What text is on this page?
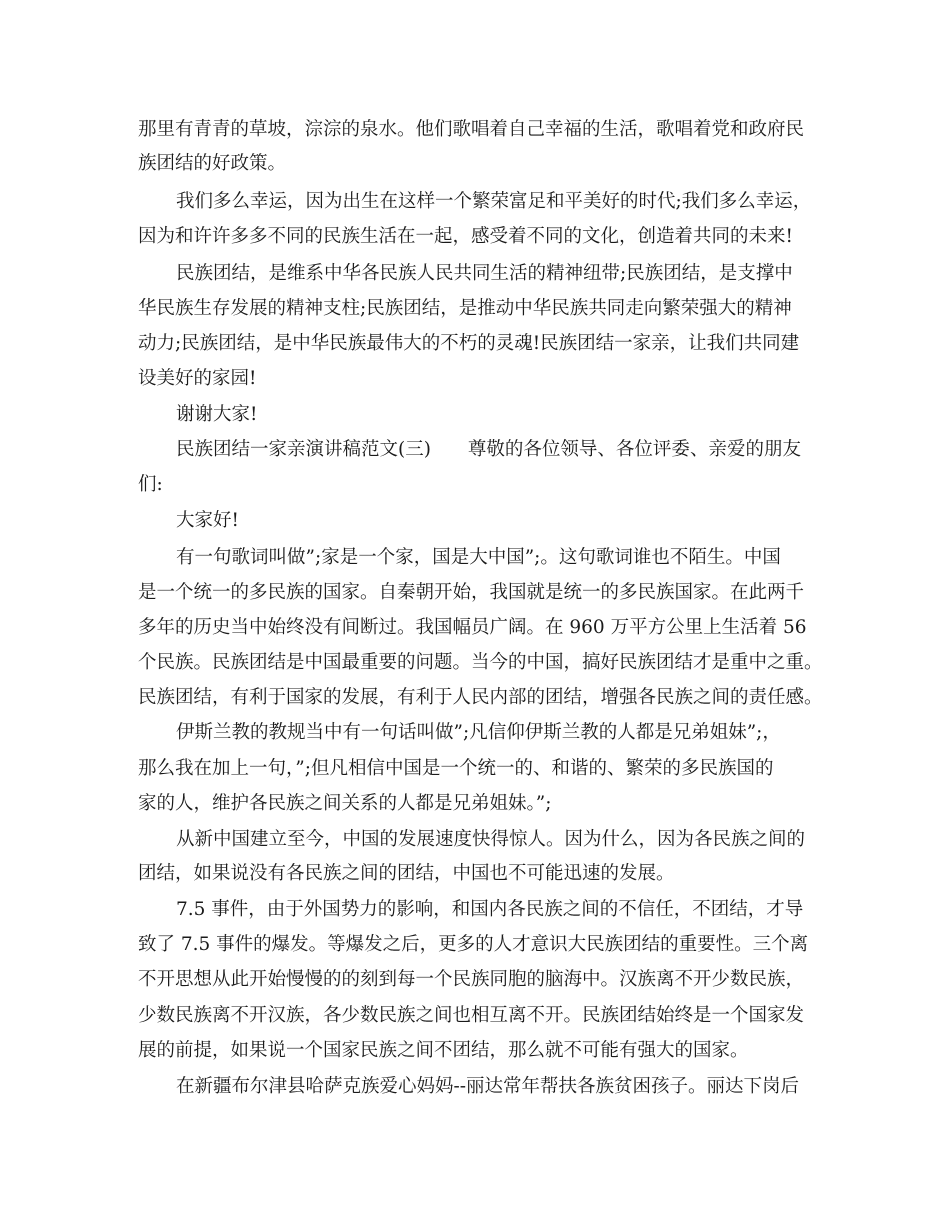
那里有青青的草坡，淙淙的泉水。他们歌唱着自己幸福的生活，歌唱着党和政府民
族团结的好政策。
我们多么幸运，因为出生在这样一个繁荣富足和平美好的时代;我们多么幸运，
因为和许许多多不同的民族生活在一起，感受着不同的文化，创造着共同的未来!
民族团结，是维系中华各民族人民共同生活的精神纽带;民族团结，是支撑中
华民族生存发展的精神支柱;民族团结，是推动中华民族共同走向繁荣强大的精神
动力;民族团结，是中华民族最伟大的不朽的灵魂!民族团结一家亲，让我们共同建
设美好的家园!
谢谢大家!
民族团结一家亲演讲稿范文(三)　　尊敬的各位领导、各位评委、亲爱的朋友
们:
大家好!
有一句歌词叫做”;家是一个家，国是大中国”;。这句歌词谁也不陌生。中国
是一个统一的多民族的国家。自秦朝开始，我国就是统一的多民族国家。在此两千
多年的历史当中始终没有间断过。我国幅员广阔。在 960 万平方公里上生活着 56
个民族。民族团结是中国最重要的问题。当今的中国，搞好民族团结才是重中之重。
民族团结，有利于国家的发展，有利于人民内部的团结，增强各民族之间的责任感。
伊斯兰教的教规当中有一句话叫做”;凡信仰伊斯兰教的人都是兄弟姐妹”;，
那么我在加上一句，”;但凡相信中国是一个统一的、和谐的、繁荣的多民族国的
家的人，维护各民族之间关系的人都是兄弟姐妹。”;
从新中国建立至今，中国的发展速度快得惊人。因为什么，因为各民族之间的
团结，如果说没有各民族之间的团结，中国也不可能迅速的发展。
7.5 事件，由于外国势力的影响，和国内各民族之间的不信任，不团结，才导
致了 7.5 事件的爆发。等爆发之后，更多的人才意识大民族团结的重要性。三个离
不开思想从此开始慢慢的的刻到每一个民族同胞的脑海中。汉族离不开少数民族，
少数民族离不开汉族，各少数民族之间也相互离不开。民族团结始终是一个国家发
展的前提，如果说一个国家民族之间不团结，那么就不可能有强大的国家。
在新疆布尔津县哈萨克族爱心妈妈--丽达常年帮扶各族贫困孩子。丽达下岗后
